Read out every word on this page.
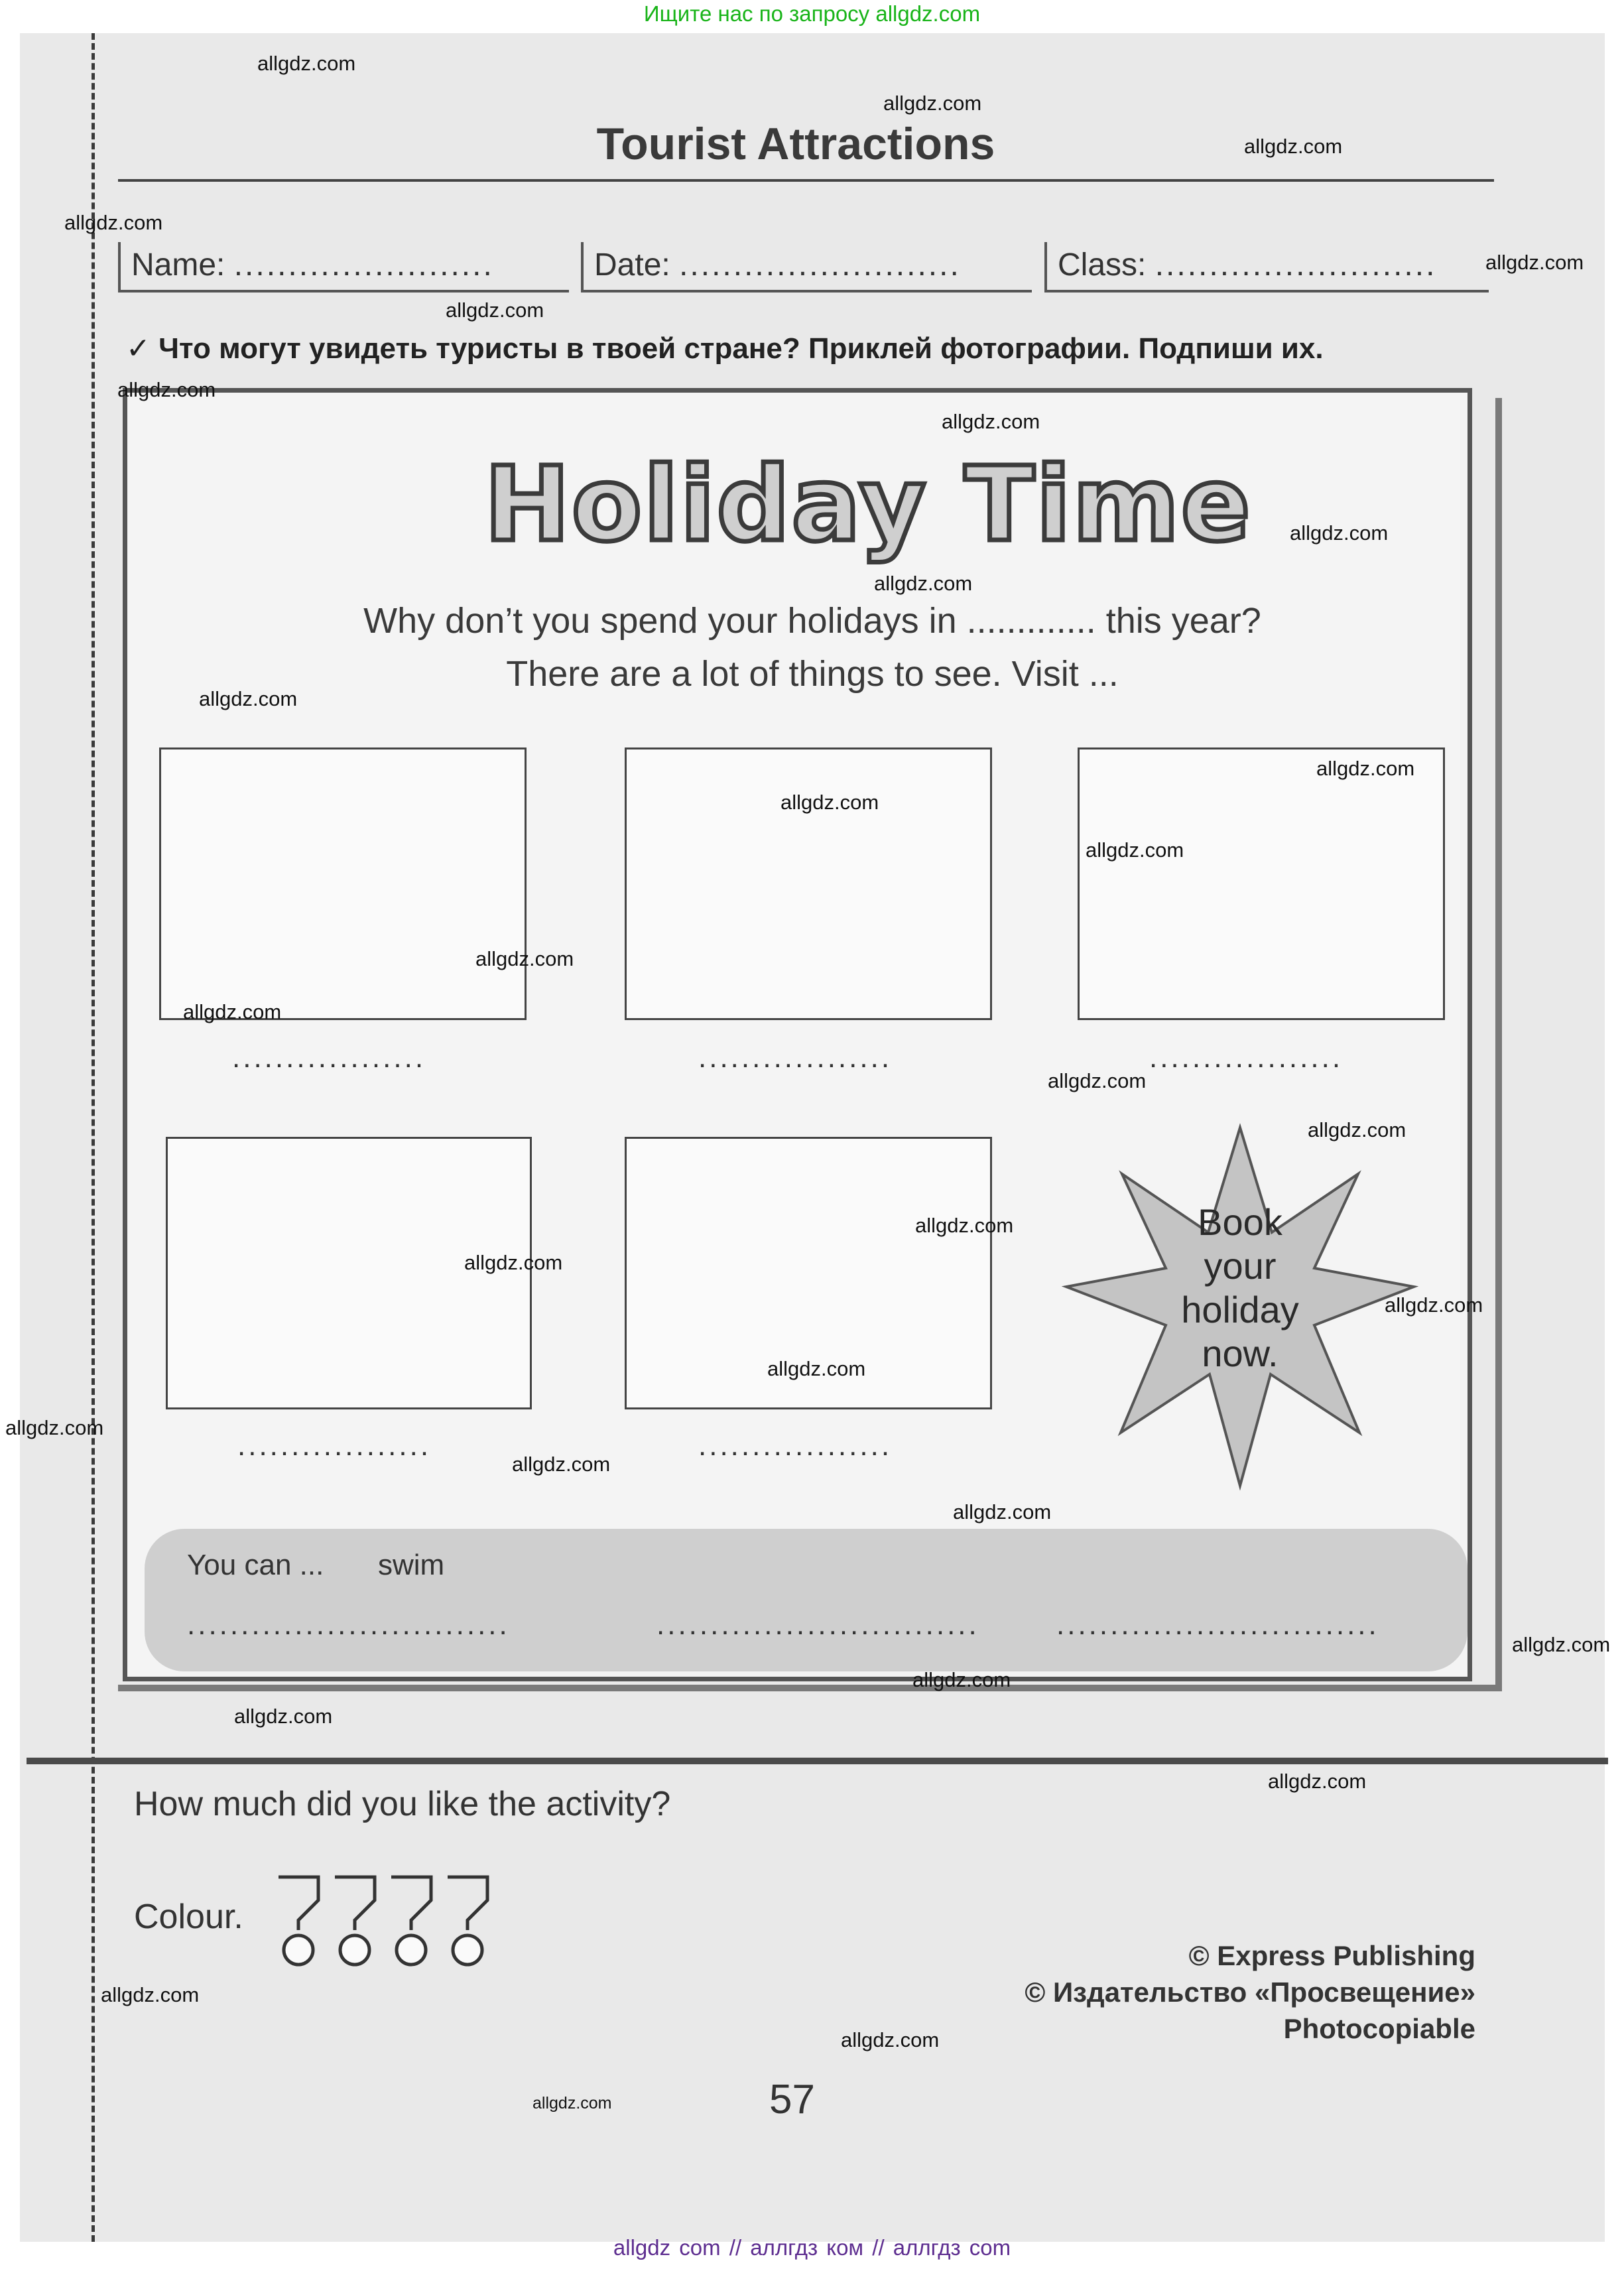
Ищите нас по запросу allgdz.com
Tourist Attractions
Name: ........................	Date: ..........................	Class: ..........................
✓ Что могут увидеть туристы в твоей стране? Приклей фотографии. Подпиши их.
Holiday Time
Why don’t you spend your holidays in ............. this year?
There are a lot of things to see. Visit ...
..................	..................	..................
..................	..................
Book
your
holiday
now.
You can ... swim
..............................	..............................	..............................
How much did you like the activity?
Colour.
© Express Publishing
© Издательство «Просвещение»
Photocopiable
57
allgdz.com
allgdz.com
allgdz.com
allgdz.com
allgdz.com
allgdz.com
allgdz.com
allgdz.com
allgdz.com
allgdz.com
allgdz.com
allgdz.com
allgdz.com
allgdz.com
allgdz.com
allgdz.com
allgdz.com
allgdz.com
allgdz.com
allgdz.com
allgdz.com
allgdz.com
allgdz.com
allgdz.com
allgdz.com
allgdz.com
allgdz.com
allgdz.com
allgdz.com
allgdz.com
allgdz.com
allgdz.com
allgdz com // аллгдз ком // аллгдз com
